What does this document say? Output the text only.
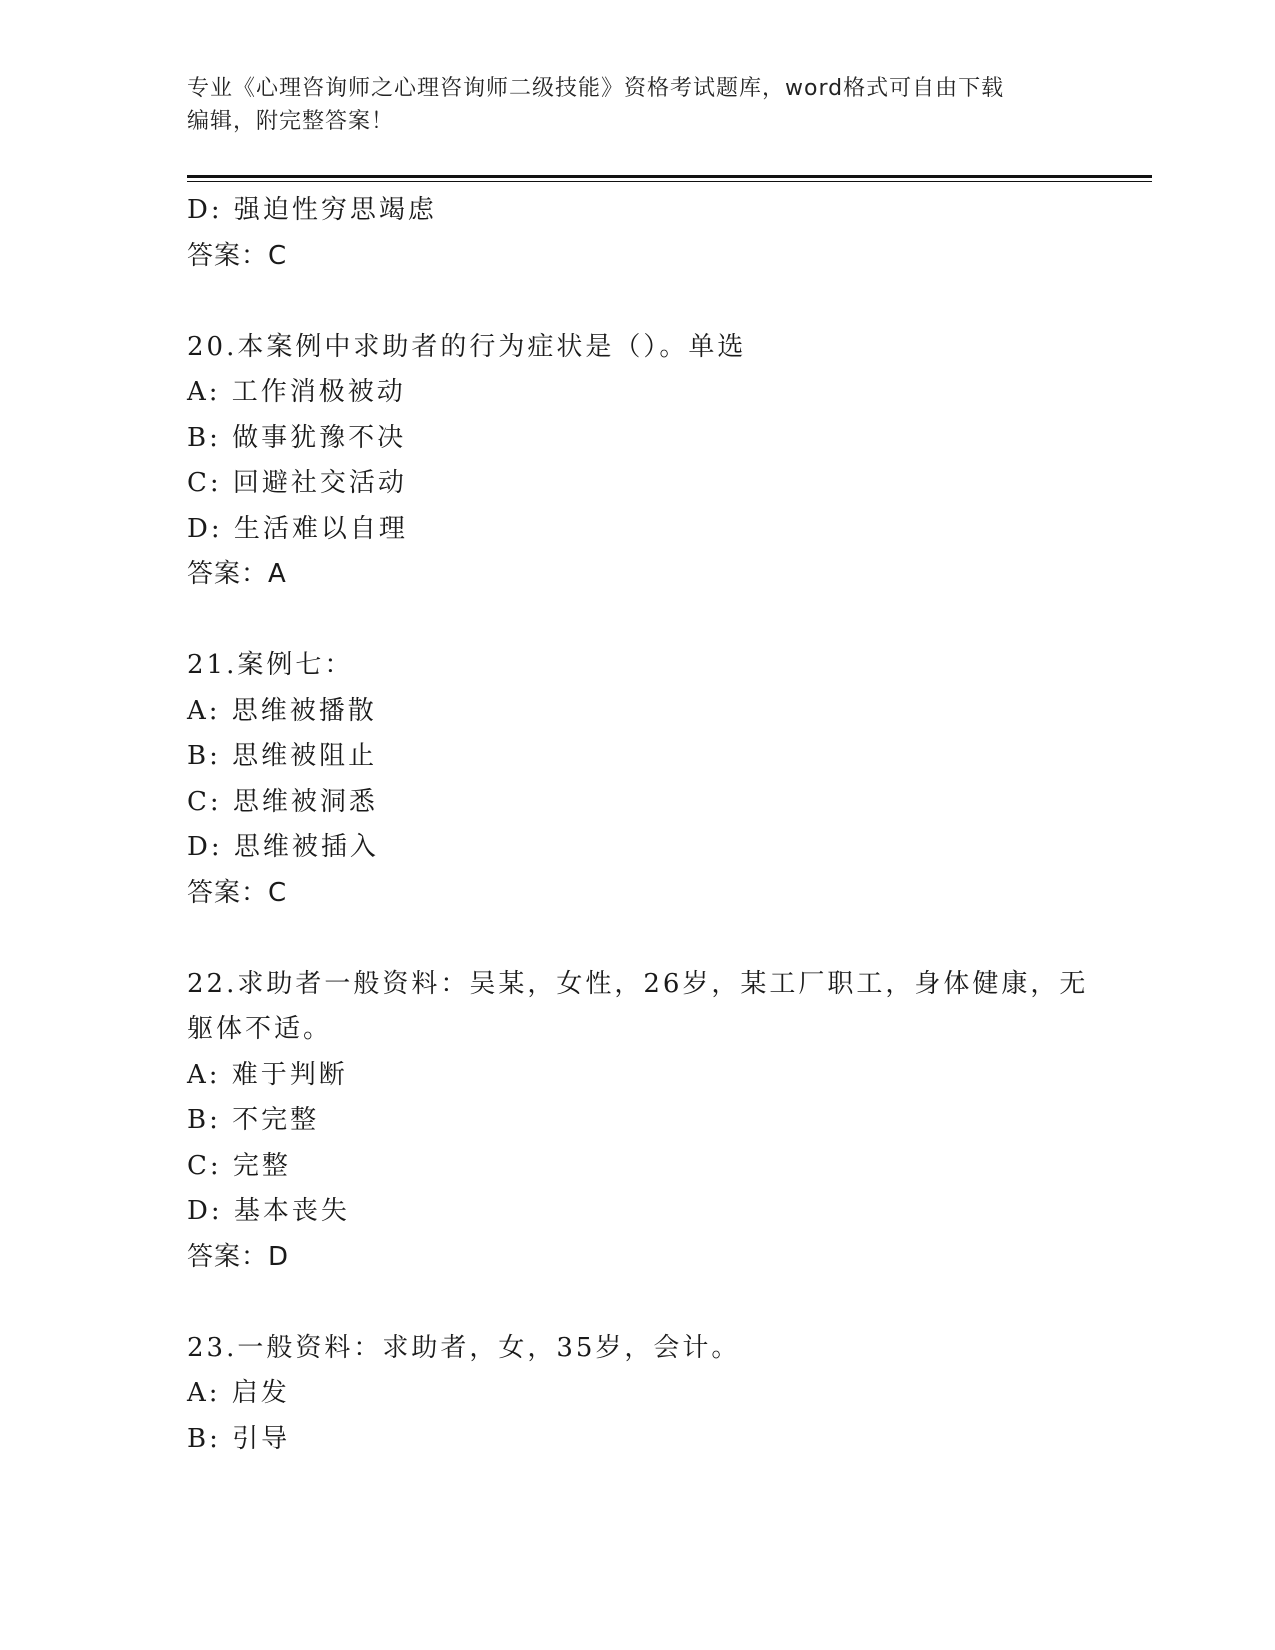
专业《心理咨询师之心理咨询师二级技能》资格考试题库，word格式可自由下载
编辑，附完整答案！
D: 强迫性穷思竭虑
答案：C
20.本案例中求助者的行为症状是（）。单选
A: 工作消极被动
B: 做事犹豫不决
C: 回避社交活动
D: 生活难以自理
答案：A
21.案例七：
A: 思维被播散
B: 思维被阻止
C: 思维被洞悉
D: 思维被插入
答案：C
22.求助者一般资料：吴某，女性，26岁，某工厂职工，身体健康，无
躯体不适。
A: 难于判断
B: 不完整
C: 完整
D: 基本丧失
答案：D
23.一般资料：求助者，女，35岁，会计。
A: 启发
B: 引导
